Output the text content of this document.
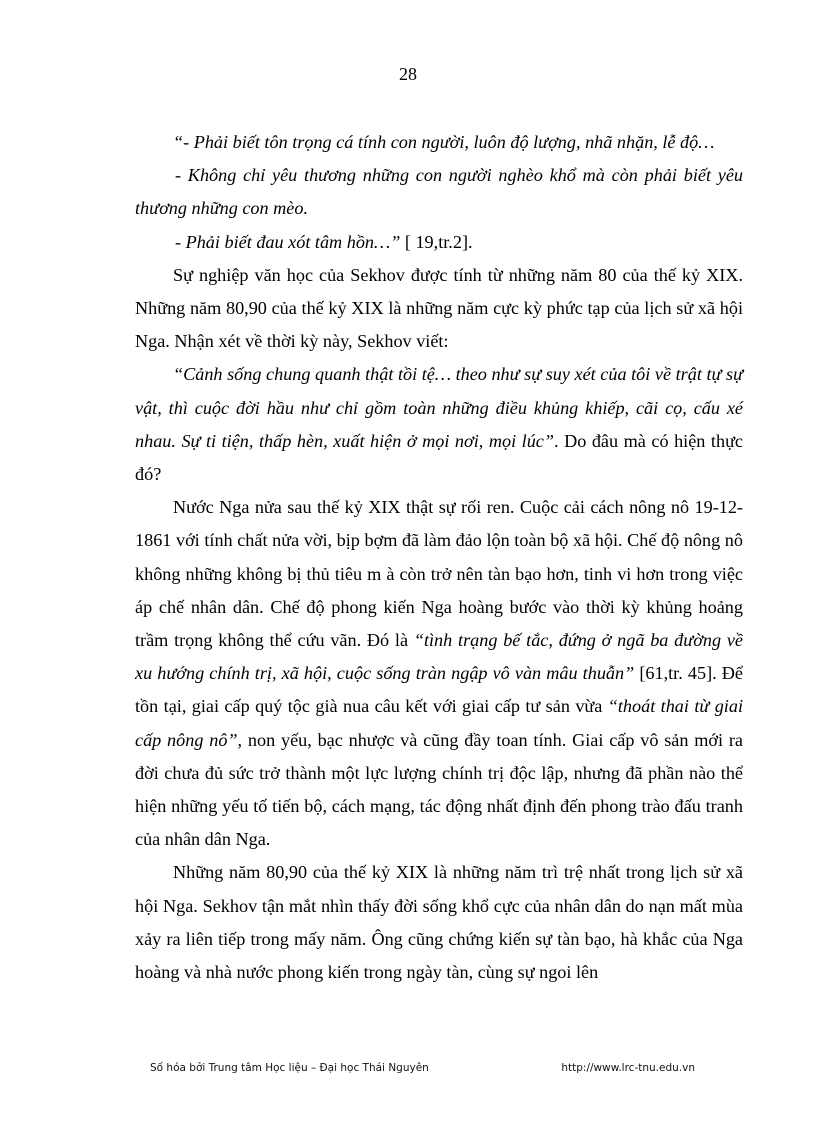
28

“- Phải biết tôn trọng cá tính con người, luôn độ lượng, nhã nhặn, lễ độ…

- Không chỉ yêu thương những con người nghèo khổ mà còn phải biết yêu thương những con mèo.

- Phải biết đau xót tâm hồn…” [ 19,tr.2].

Sự nghiệp văn học của Sekhov được tính từ những năm 80 của thế kỷ XIX. Những năm 80,90 của thế kỷ XIX là những năm cực kỳ phức tạp của lịch sử xã hội Nga. Nhận xét về thời kỳ này, Sekhov viết:

“Cảnh sống chung quanh thật tồi tệ… theo như sự suy xét của tôi về trật tự sự vật, thì cuộc đời hầu như chỉ gồm toàn những điều khủng khiếp, cãi cọ, cấu xé nhau. Sự ti tiện, thấp hèn, xuất hiện ở mọi nơi, mọi lúc”. Do đâu mà có hiện thực đó?

Nước Nga nửa sau thế kỷ XIX thật sự rối ren. Cuộc cải cách nông nô 19-12-1861 với tính chất nửa vời, bịp bợm đã làm đảo lộn toàn bộ xã hội. Chế độ nông nô không những không bị thủ tiêu m à còn trở nên tàn bạo hơn, tinh vi hơn trong việc áp chế nhân dân. Chế độ phong kiến Nga hoàng bước vào thời kỳ khủng hoảng trầm trọng không thể cứu vãn. Đó là “tình trạng bế tắc, đứng ở ngã ba đường về xu hướng chính trị, xã hội, cuộc sống tràn ngập vô vàn mâu thuẫn” [61,tr. 45]. Để tồn tại, giai cấp quý tộc già nua câu kết với giai cấp tư sản vừa “thoát thai từ giai cấp nông nô”, non yếu, bạc nhược và cũng đầy toan tính. Giai cấp vô sản mới ra đời chưa đủ sức trở thành một lực lượng chính trị độc lập, nhưng đã phần nào thể hiện những yếu tố tiến bộ, cách mạng, tác động nhất định đến phong trào đấu tranh của nhân dân Nga.

Những năm 80,90 của thế kỷ XIX là những năm trì trệ nhất trong lịch sử xã hội Nga. Sekhov tận mắt nhìn thấy đời sống khổ cực của nhân dân do nạn mất mùa xảy ra liên tiếp trong mấy năm. Ông cũng chứng kiến sự tàn bạo, hà khắc của Nga hoàng và nhà nước phong kiến trong ngày tàn, cùng sự ngoi lên

Số hóa bởi Trung tâm Học liệu – Đại học Thái Nguyên	http://www.lrc-tnu.edu.vn
